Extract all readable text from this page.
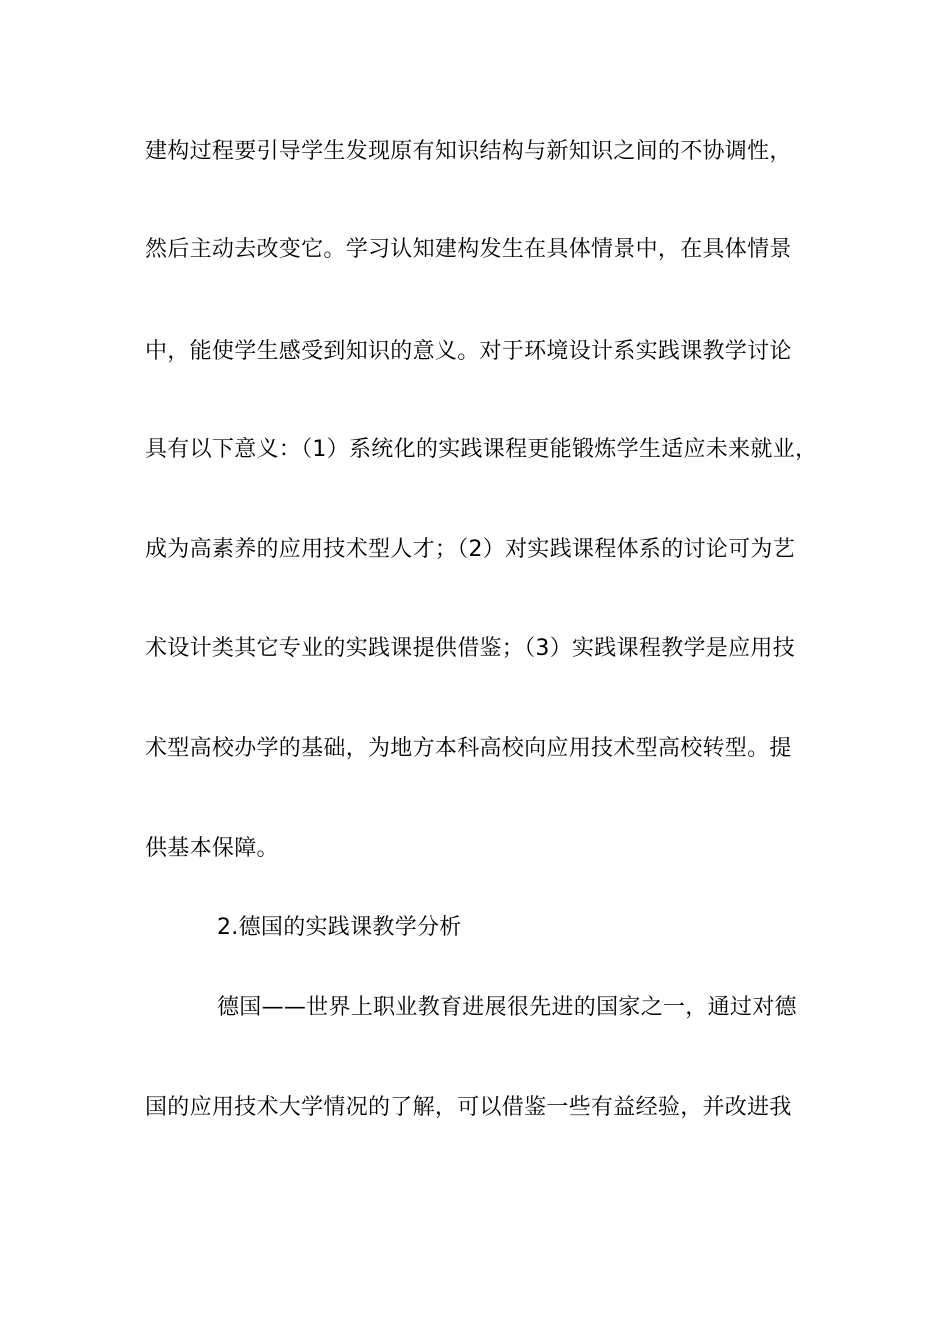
建构过程要引导学生发现原有知识结构与新知识之间的不协调性，
然后主动去改变它。学习认知建构发生在具体情景中，在具体情景
中，能使学生感受到知识的意义。对于环境设计系实践课教学讨论
具有以下意义：（1）系统化的实践课程更能锻炼学生适应未来就业，
成为高素养的应用技术型人才；（2）对实践课程体系的讨论可为艺
术设计类其它专业的实践课提供借鉴；（3）实践课程教学是应用技
术型高校办学的基础，为地方本科高校向应用技术型高校转型。提
供基本保障。
2.德国的实践课教学分析
德国——世界上职业教育进展很先进的国家之一，通过对德
国的应用技术大学情况的了解，可以借鉴一些有益经验，并改进我
